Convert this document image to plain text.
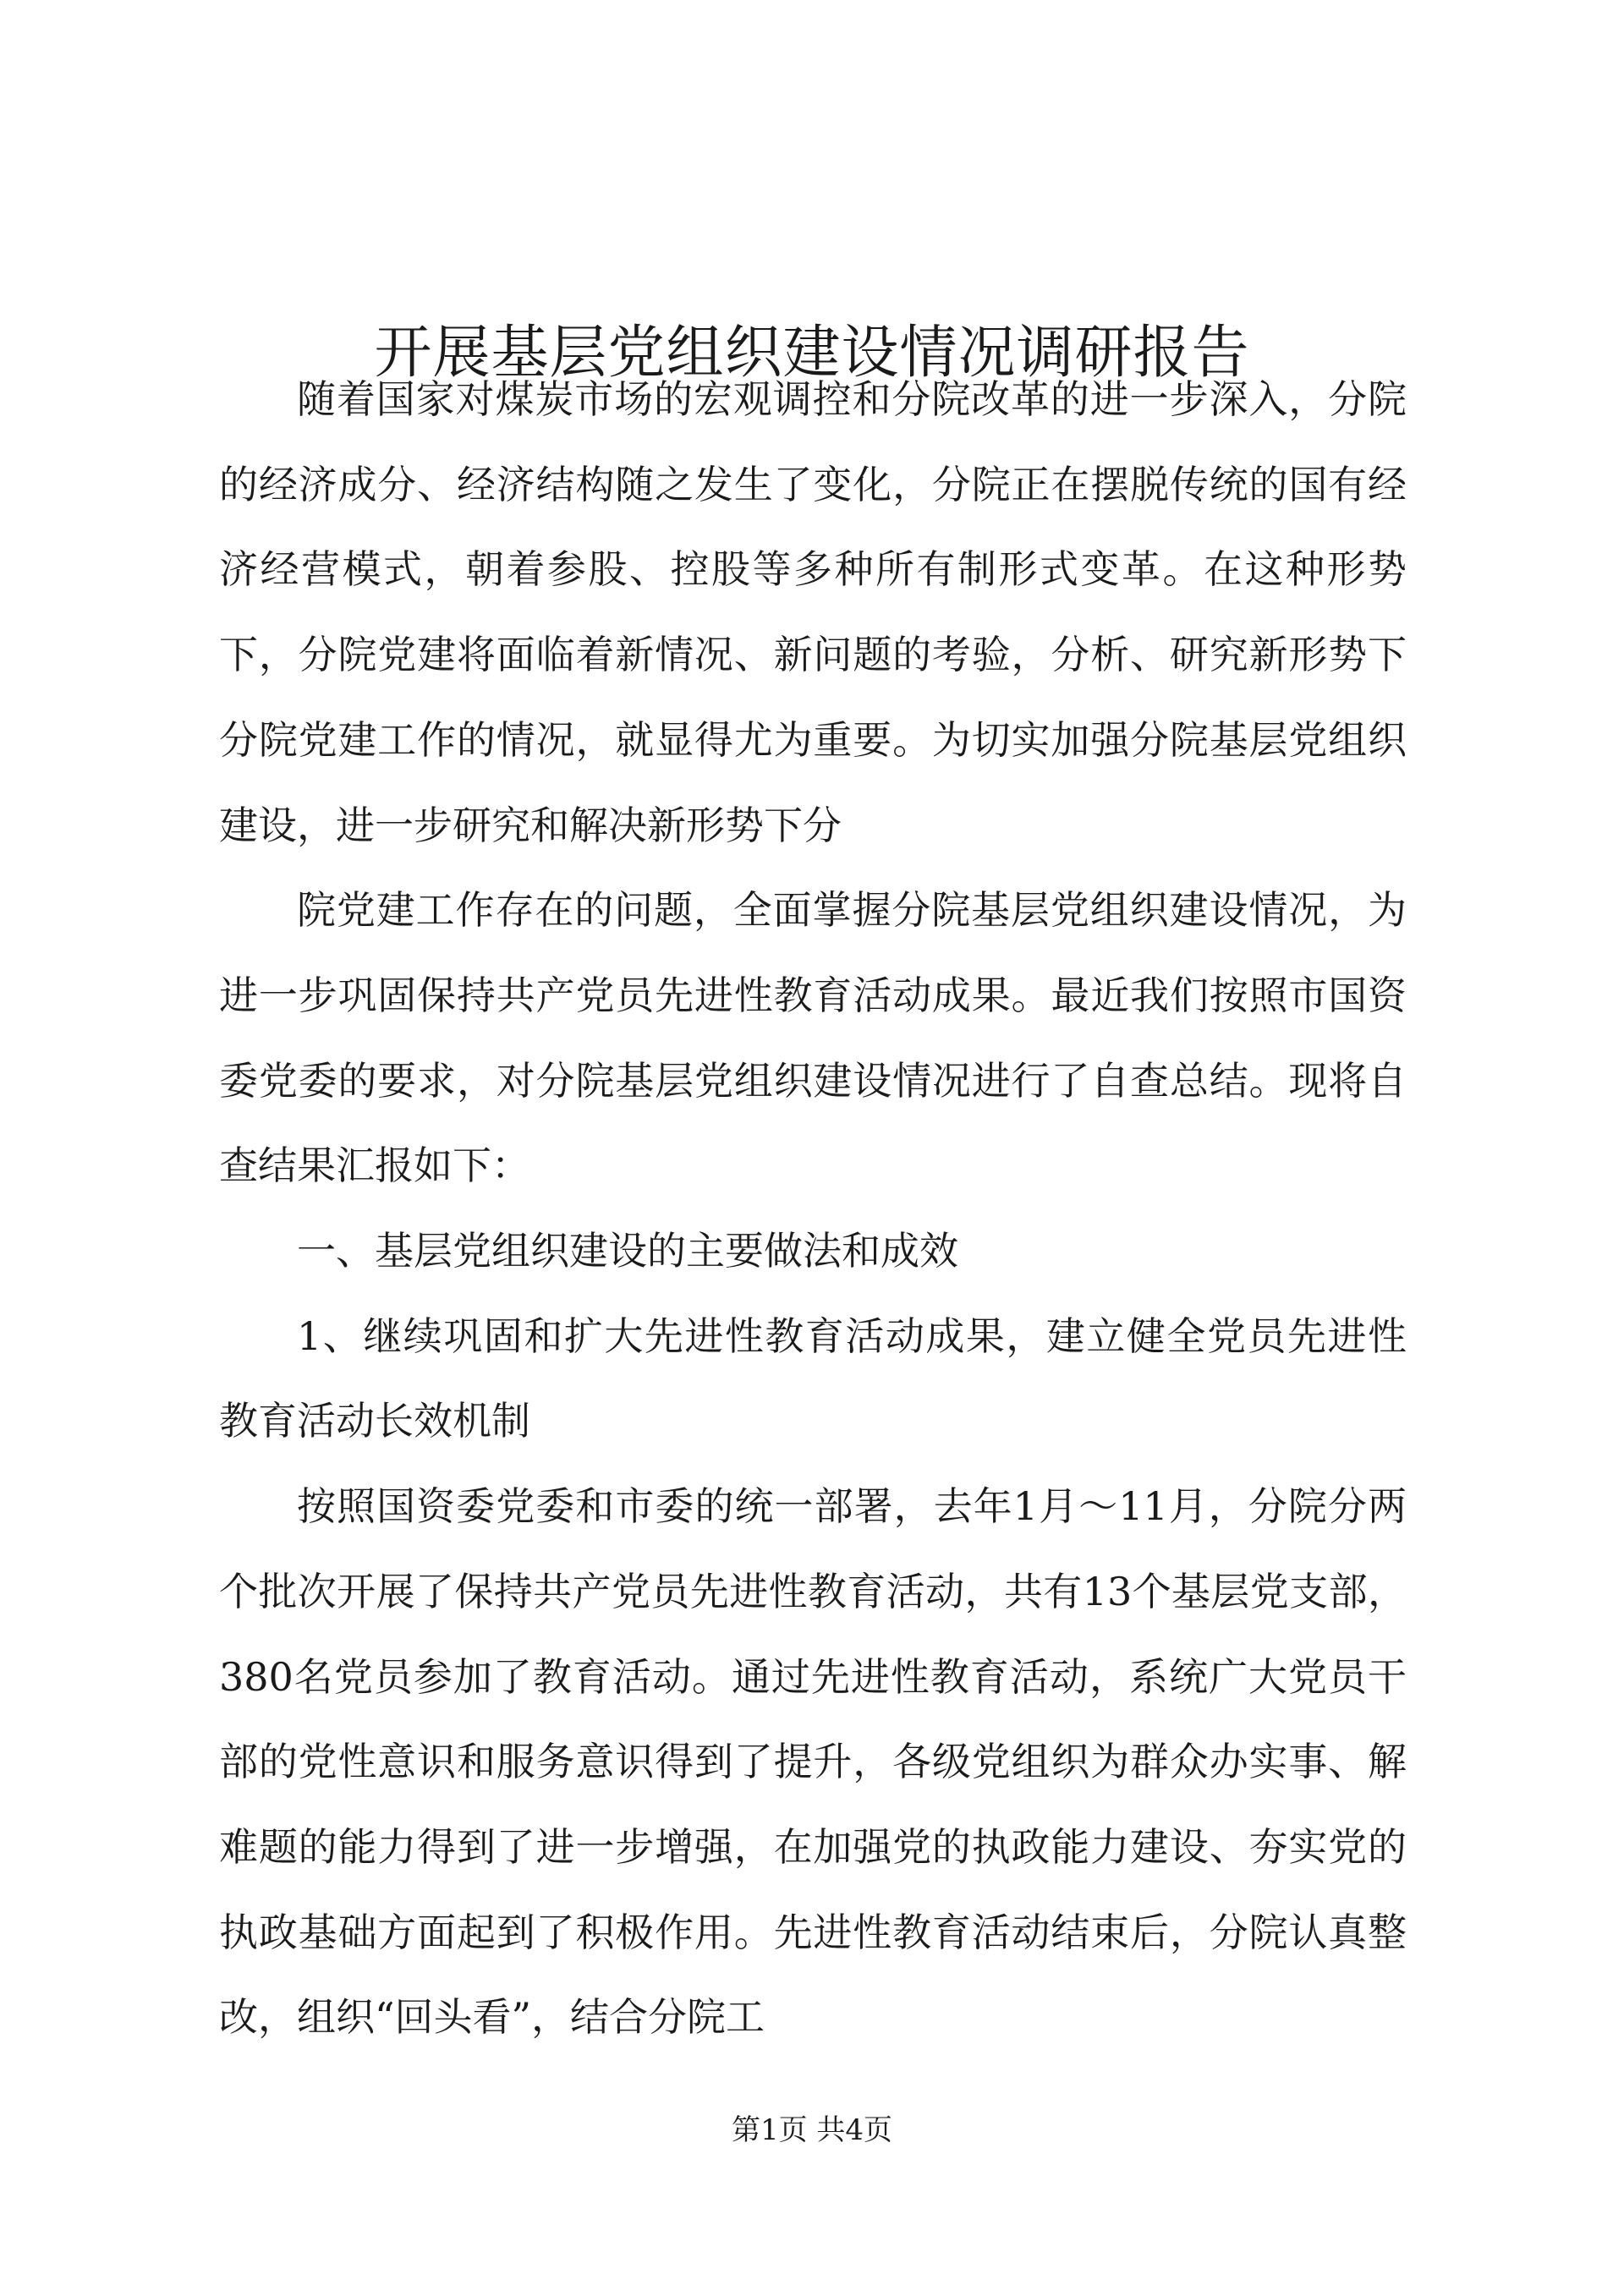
开展基层党组织建设情况调研报告

随着国家对煤炭市场的宏观调控和分院改革的进一步深入，分院的经济成分、经济结构随之发生了变化，分院正在摆脱传统的国有经济经营模式，朝着参股、控股等多种所有制形式变革。在这种形势下，分院党建将面临着新情况、新问题的考验，分析、研究新形势下分院党建工作的情况，就显得尤为重要。为切实加强分院基层党组织建设，进一步研究和解决新形势下分

院党建工作存在的问题，全面掌握分院基层党组织建设情况，为进一步巩固保持共产党员先进性教育活动成果。最近我们按照市国资委党委的要求，对分院基层党组织建设情况进行了自查总结。现将自查结果汇报如下：

一、基层党组织建设的主要做法和成效

1、继续巩固和扩大先进性教育活动成果，建立健全党员先进性教育活动长效机制

按照国资委党委和市委的统一部署，去年1月～11月，分院分两个批次开展了保持共产党员先进性教育活动，共有13个基层党支部，380名党员参加了教育活动。通过先进性教育活动，系统广大党员干部的党性意识和服务意识得到了提升，各级党组织为群众办实事、解难题的能力得到了进一步增强，在加强党的执政能力建设、夯实党的执政基础方面起到了积极作用。先进性教育活动结束后，分院认真整改，组织“回头看”，结合分院工

第1页 共4页
